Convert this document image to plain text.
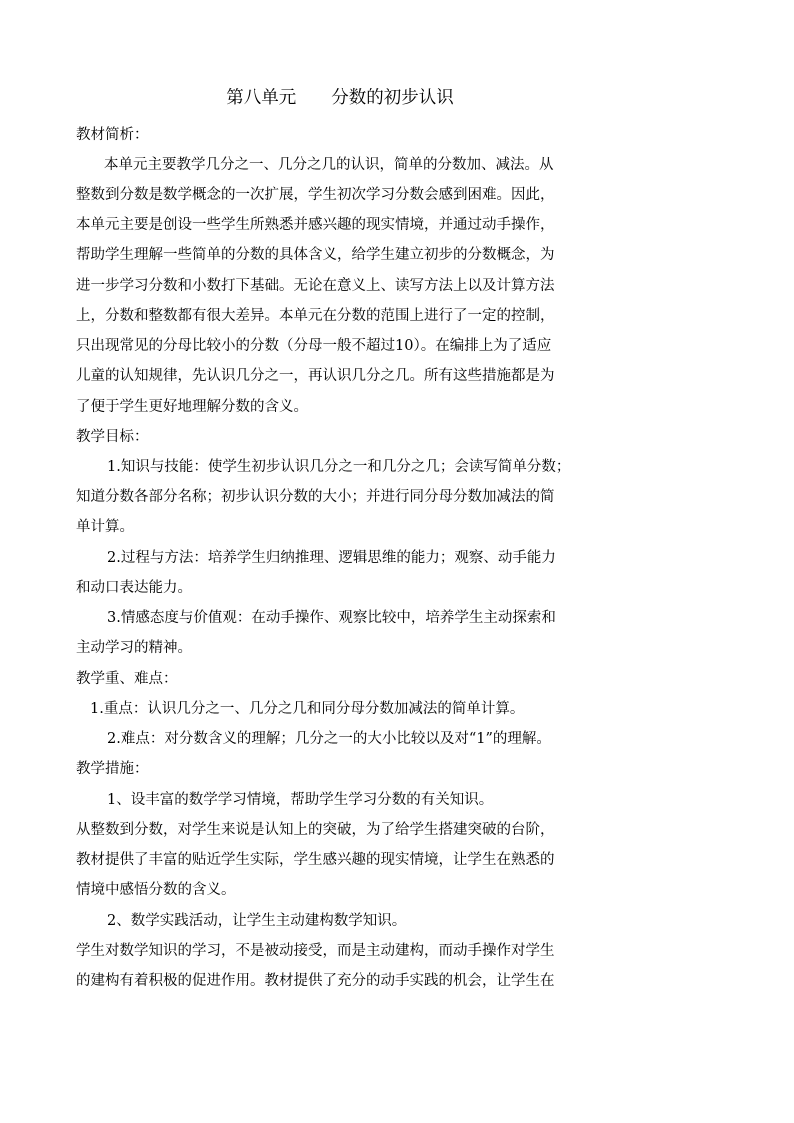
第八单元　　分数的初步认识
教材简析：
本单元主要教学几分之一、几分之几的认识，简单的分数加、减法。从
整数到分数是数学概念的一次扩展，学生初次学习分数会感到困难。因此，
本单元主要是创设一些学生所熟悉并感兴趣的现实情境，并通过动手操作，
帮助学生理解一些简单的分数的具体含义，给学生建立初步的分数概念，为
进一步学习分数和小数打下基础。无论在意义上、读写方法上以及计算方法
上，分数和整数都有很大差异。本单元在分数的范围上进行了一定的控制，
只出现常见的分母比较小的分数（分母一般不超过10）。在编排上为了适应
儿童的认知规律，先认识几分之一，再认识几分之几。所有这些措施都是为
了便于学生更好地理解分数的含义。
教学目标：
1.知识与技能：使学生初步认识几分之一和几分之几；会读写简单分数；
知道分数各部分名称；初步认识分数的大小；并进行同分母分数加减法的简
单计算。
2.过程与方法：培养学生归纳推理、逻辑思维的能力；观察、动手能力
和动口表达能力。
3.情感态度与价值观：在动手操作、观察比较中，培养学生主动探索和
主动学习的精神。
教学重、难点：
1.重点：认识几分之一、几分之几和同分母分数加减法的简单计算。
2.难点：对分数含义的理解；几分之一的大小比较以及对“1”的理解。
教学措施：
1、设丰富的数学学习情境，帮助学生学习分数的有关知识。
从整数到分数，对学生来说是认知上的突破，为了给学生搭建突破的台阶，
教材提供了丰富的贴近学生实际，学生感兴趣的现实情境，让学生在熟悉的
情境中感悟分数的含义。
2、数学实践活动，让学生主动建构数学知识。
学生对数学知识的学习，不是被动接受，而是主动建构，而动手操作对学生
的建构有着积极的促进作用。教材提供了充分的动手实践的机会，让学生在
